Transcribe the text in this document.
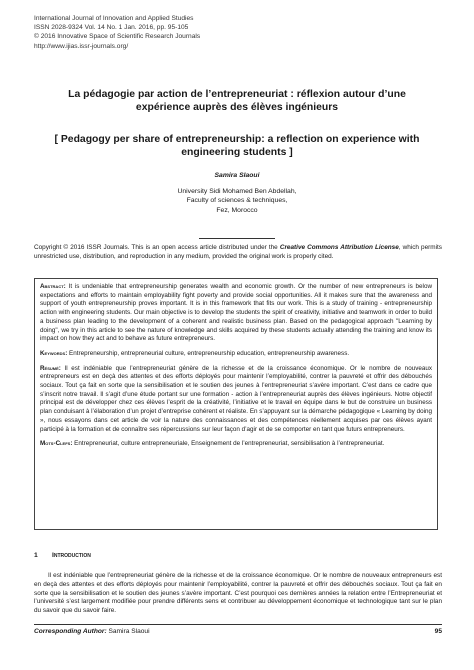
International Journal of Innovation and Applied Studies
ISSN 2028-9324 Vol. 14 No. 1 Jan. 2016, pp. 95-105
© 2016 Innovative Space of Scientific Research Journals
http://www.ijias.issr-journals.org/
La pédagogie par action de l’entrepreneuriat : réflexion autour d’une expérience auprès des élèves ingénieurs
[ Pedagogy per share of entrepreneurship: a reflection on experience with engineering students ]
Samira Slaoui
University Sidi Mohamed Ben Abdellah,
Faculty of sciences & techniques,
Fez, Morocco
Copyright © 2016 ISSR Journals. This is an open access article distributed under the Creative Commons Attribution License, which permits unrestricted use, distribution, and reproduction in any medium, provided the original work is properly cited.

Abstract: It is undeniable that entrepreneurship generates wealth and economic growth. Or the number of new entrepreneurs is below expectations and efforts to maintain employability fight poverty and provide social opportunities. All it makes sure that the awareness and support of youth entrepreneurship proves important. It is in this framework that fits our work. This is a study of training - entrepreneurship action with engineering students. Our main objective is to develop the students the spirit of creativity, initiative and teamwork in order to build a business plan leading to the development of a coherent and realistic business plan. Based on the pedagogical approach "Learning by doing", we try in this article to see the nature of knowledge and skills acquired by these students actually attending the training and know its impact on how they act and to behave as future entrepreneurs.

Keywords: Entrepreneurship, entrepreneurial culture, entrepreneurship education, entrepreneurship awareness.

Résumé: Il est indéniable que l’entrepreneuriat génère de la richesse et de la croissance économique. Or le nombre de nouveaux entrepreneurs est en deçà des attentes et des efforts déployés pour maintenir l’employabilité, contrer la pauvreté et offrir des débouchés sociaux. Tout ça fait en sorte que la sensibilisation et le soutien des jeunes à l’entrepreneuriat s’avère important. C’est dans ce cadre que s’inscrit notre travail. Il s’agit d’une étude portant sur une formation - action à l’entrepreneuriat auprès des élèves ingénieurs. Notre objectif principal est de développer chez ces élèves l’esprit de la créativité, l’initiative et le travail en équipe dans le but de construire un business plan conduisant à l’élaboration d’un projet d’entreprise cohérent et réaliste. En s’appuyant sur la démarche pédagogique « Learning by doing », nous essayons dans cet article de voir la nature des connaissances et des compétences réellement acquises par ces élèves ayant participé à la formation et de connaître ses répercussions sur leur façon d’agir et de se comporter en tant que futurs entrepreneurs.

Mots-Clefs: Entrepreneuriat, culture entrepreneuriale, Enseignement de l’entrepreneuriat, sensibilisation à l’entrepreneuriat.

1 Introduction
Il est indéniable que l’entrepreneuriat génère de la richesse et de la croissance économique. Or le nombre de nouveaux entrepreneurs est en deçà des attentes et des efforts déployés pour maintenir l’employabilité, contrer la pauvreté et offrir des débouchés sociaux. Tout ça fait en sorte que la sensibilisation et le soutien des jeunes s’avère important. C’est pourquoi ces dernières années la relation entre l’Entrepreneuriat et l’université s’est largement modifiée pour prendre différents sens et contribuer au développement économique et technologique tant sur le plan du savoir que du savoir faire.
Corresponding Author: Samira Slaoui	95
